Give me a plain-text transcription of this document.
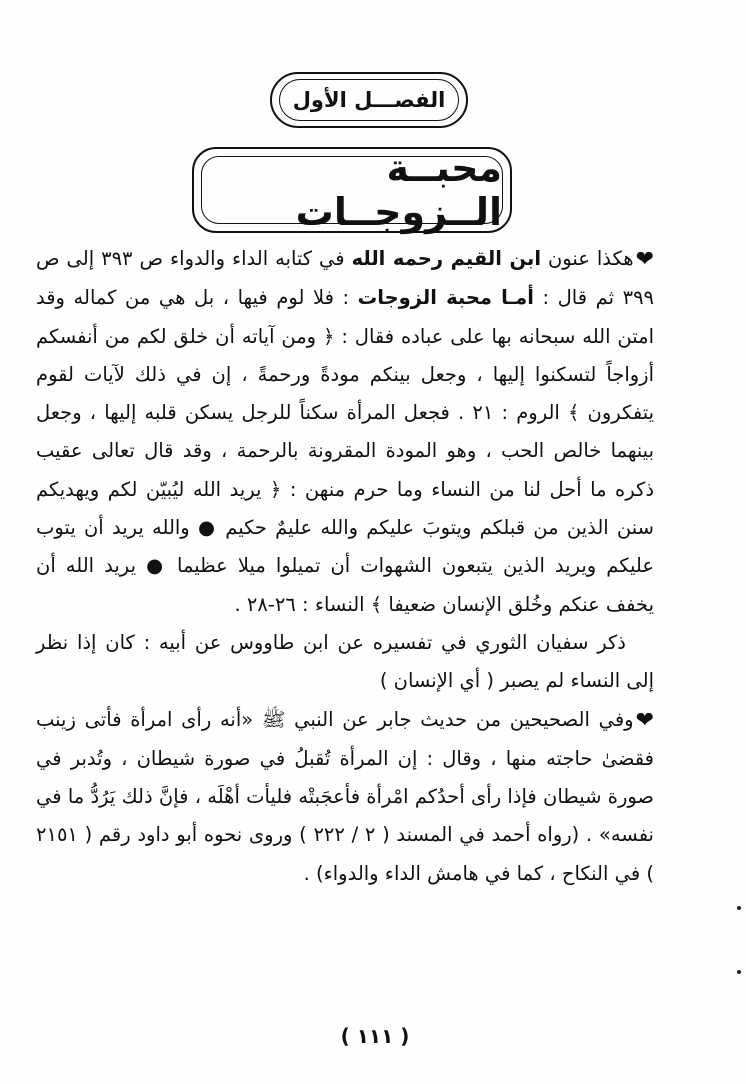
الفصـــل الأول
محبــة الــزوجــات

❤هكذا عنون ابن القيم رحمه الله في كتابه الداء والدواء ص ٣٩٣ إلى ص ٣٩٩ ثم قال : أمـا محبة الزوجات : فلا لوم فيها ، بل هي من كماله وقد امتن الله سبحانه بها على عباده فقال : ﴿ ومن آياته أن خلق لكم من أنفسكم أزواجاً لتسكنوا إليها ، وجعل بينكم مودةً ورحمةً ، إن في ذلك لآيات لقوم يتفكرون ﴾ الروم : ٢١ . فجعل المرأة سكناً للرجل يسكن قلبه إليها ، وجعل بينهما خالص الحب ، وهو المودة المقرونة بالرحمة ، وقد قال تعالى عقيب ذكره ما أحل لنا من النساء وما حرم منهن : ﴿ يريد الله ليُبيّن لكم ويهديكم سنن الذين من قبلكم ويتوبَ عليكم والله عليمٌ حكيم ● والله يريد أن يتوب عليكم ويريد الذين يتبعون الشهوات أن تميلوا ميلا عظيما ● يريد الله أن يخفف عنكم وخُلق الإنسان ضعيفا ﴾ النساء : ٢٦-٢٨ .

ذكر سفيان الثوري في تفسيره عن ابن طاووس عن أبيه : كان إذا نظر إلى النساء لم يصبر ( أي الإنسان )

❤وفي الصحيحين من حديث جابر عن النبي ﷺ «أنه رأى امرأة فأتى زينب فقضىٰ حاجته منها ، وقال : إن المرأة تُقبلُ في صورة شيطان ، وتُدبر في صورة شيطان فإذا رأى أحدُكم امْرأة فأعجَبتْه فليأت أهْلَه ، فإنَّ ذلك يَرُدُّ ما في نفسه» . (رواه أحمد في المسند ( ٢ / ٢٢٢ ) وروى نحوه أبو داود رقم ( ٢١٥١ ) في النكاح ، كما في هامش الداء والدواء) .

( ١١١ )
